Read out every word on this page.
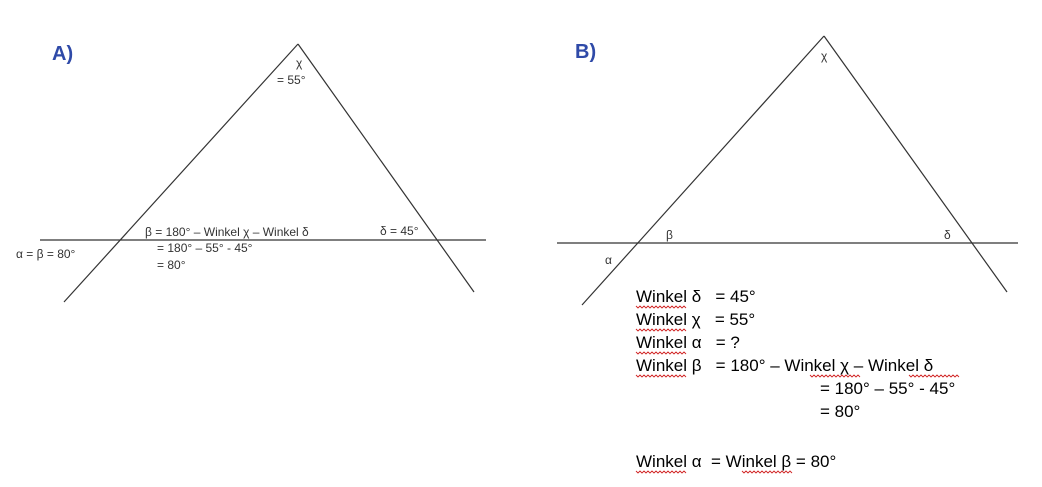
A)	χ
= 55°
β = 180° – Winkel χ – Winkel δ
= 180° – 55° - 45°
= 80°
δ = 45°
α = β = 80°
B)	χ
β	δ
α
Winkel δ   = 45°
Winkel χ   = 55°
Winkel α   = ?
Winkel β   = 180° – Winkel χ – Winkel δ
= 180° – 55° - 45°
= 80°
Winkel α  = Winkel β = 80°
